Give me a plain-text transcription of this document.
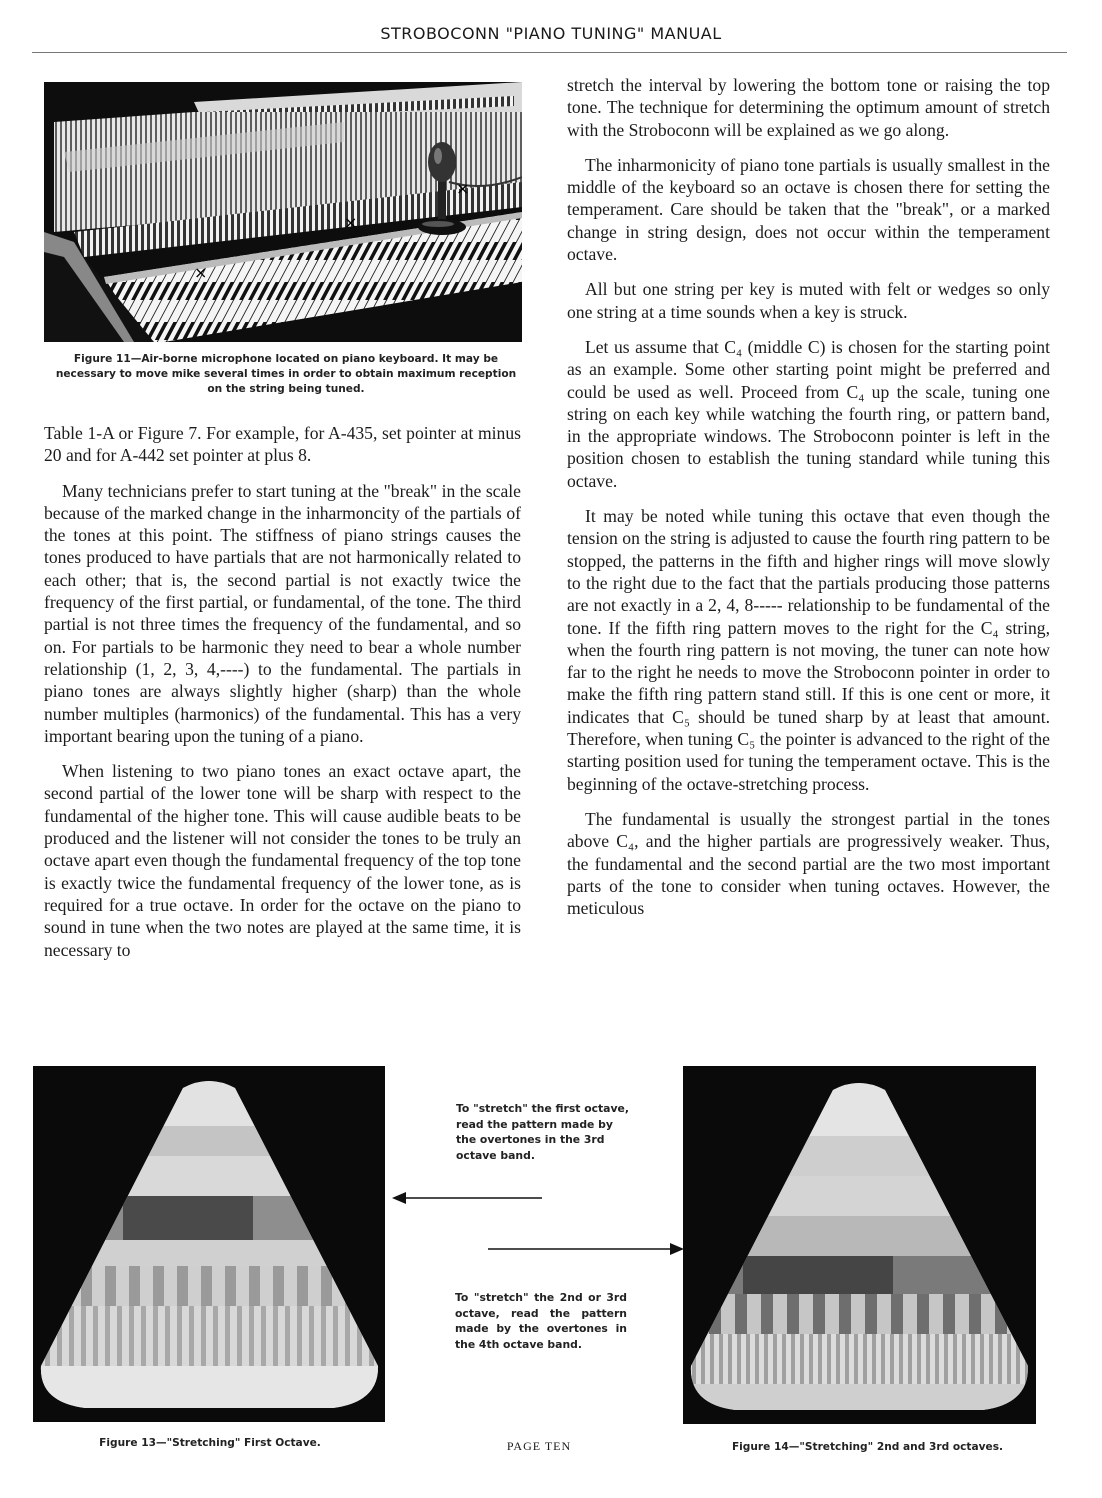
STROBOCONN "PIANO TUNING" MANUAL
×
×
×
Figure 11—Air-borne microphone located on piano keyboard. It may be necessary to move mike several times in order to obtain maximum reception on the string being tuned.

Table 1-A or Figure 7. For example, for A-435, set pointer at minus 20 and for A-442 set pointer at plus 8.

Many technicians prefer to start tuning at the "break" in the scale because of the marked change in the inharmoncity of the partials of the tones at this point. The stiffness of piano strings causes the tones produced to have partials that are not harmonically related to each other; that is, the second partial is not exactly twice the frequency of the first partial, or fundamental, of the tone. The third partial is not three times the frequency of the fundamental, and so on. For partials to be harmonic they need to bear a whole number relationship (1, 2, 3, 4,----) to the fundamental. The partials in piano tones are always slightly higher (sharp) than the whole number multiples (harmonics) of the fundamental. This has a very important bearing upon the tuning of a piano.

When listening to two piano tones an exact octave apart, the second partial of the lower tone will be sharp with respect to the fundamental of the higher tone. This will cause audible beats to be produced and the listener will not consider the tones to be truly an octave apart even though the fundamental frequency of the top tone is exactly twice the fundamental frequency of the lower tone, as is required for a true octave. In order for the octave on the piano to sound in tune when the two notes are played at the same time, it is necessary to

stretch the interval by lowering the bottom tone or raising the top tone. The technique for determining the optimum amount of stretch with the Stroboconn will be explained as we go along.

The inharmonicity of piano tone partials is usually smallest in the middle of the keyboard so an octave is chosen there for setting the temperament. Care should be taken that the "break", or a marked change in string design, does not occur within the temperament octave.

All but one string per key is muted with felt or wedges so only one string at a time sounds when a key is struck.

Let us assume that C₄ (middle C) is chosen for the starting point as an example. Some other starting point might be preferred and could be used as well. Proceed from C₄ up the scale, tuning one string on each key while watching the fourth ring, or pattern band, in the appropriate windows. The Stroboconn pointer is left in the position chosen to establish the tuning standard while tuning this octave.

It may be noted while tuning this octave that even though the tension on the string is adjusted to cause the fourth ring pattern to be stopped, the patterns in the fifth and higher rings will move slowly to the right due to the fact that the partials producing those patterns are not exactly in a 2, 4, 8----- relationship to be fundamental of the tone. If the fifth ring pattern moves to the right for the C₄ string, when the fourth ring pattern is not moving, the tuner can note how far to the right he needs to move the Stroboconn pointer in order to make the fifth ring pattern stand still. If this is one cent or more, it indicates that C₅ should be tuned sharp by at least that amount. Therefore, when tuning C₅ the pointer is advanced to the right of the starting position used for tuning the temperament octave. This is the beginning of the octave-stretching process.

The fundamental is usually the strongest partial in the tones above C₄, and the higher partials are progressively weaker. Thus, the fundamental and the second partial are the two most important parts of the tone to consider when tuning octaves. However, the meticulous

Figure 13—"Stretching" First Octave.	Figure 14—"Stretching" 2nd and 3rd octaves.
To "stretch" the first octave, read the pattern made by the overtones in the 3rd octave band.
To "stretch" the 2nd or 3rd octave, read the pattern made by the overtones in the 4th octave band.
PAGE TEN
